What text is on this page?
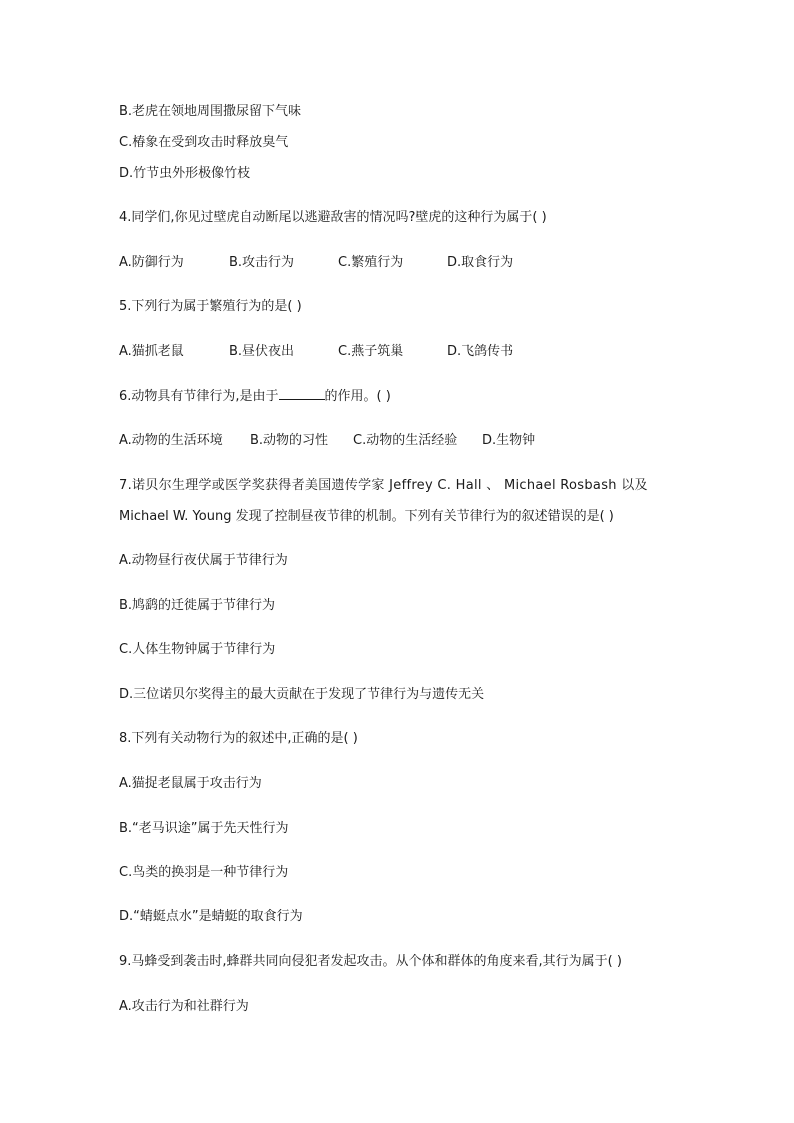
B.老虎在领地周围撒尿留下气味
C.椿象在受到攻击时释放臭气
D.竹节虫外形极像竹枝
4.同学们,你见过壁虎自动断尾以逃避敌害的情况吗?壁虎的这种行为属于( )
A.防御行为	B.攻击行为	C.繁殖行为	D.取食行为
5.下列行为属于繁殖行为的是( )
A.猫抓老鼠	B.昼伏夜出	C.燕子筑巢	D.飞鸽传书
6.动物具有节律行为,是由于	的作用。( )
A.动物的生活环境 B.动物的习性 C.动物的生活经验 D.生物钟
7.诺贝尔生理学或医学奖获得者美国遗传学家 Jeffrey C. Hall 、 Michael Rosbash 以及
Michael W. Young 发现了控制昼夜节律的机制。下列有关节律行为的叙述错误的是( )
A.动物昼行夜伏属于节律行为
B.鸠鹞的迁徙属于节律行为
C.人体生物钟属于节律行为
D.三位诺贝尔奖得主的最大贡献在于发现了节律行为与遗传无关
8.下列有关动物行为的叙述中,正确的是( )
A.猫捉老鼠属于攻击行为
B.“老马识途”属于先天性行为
C.鸟类的换羽是一种节律行为
D.“蜻蜓点水”是蜻蜓的取食行为
9.马蜂受到袭击时,蜂群共同向侵犯者发起攻击。从个体和群体的角度来看,其行为属于( )
A.攻击行为和社群行为
